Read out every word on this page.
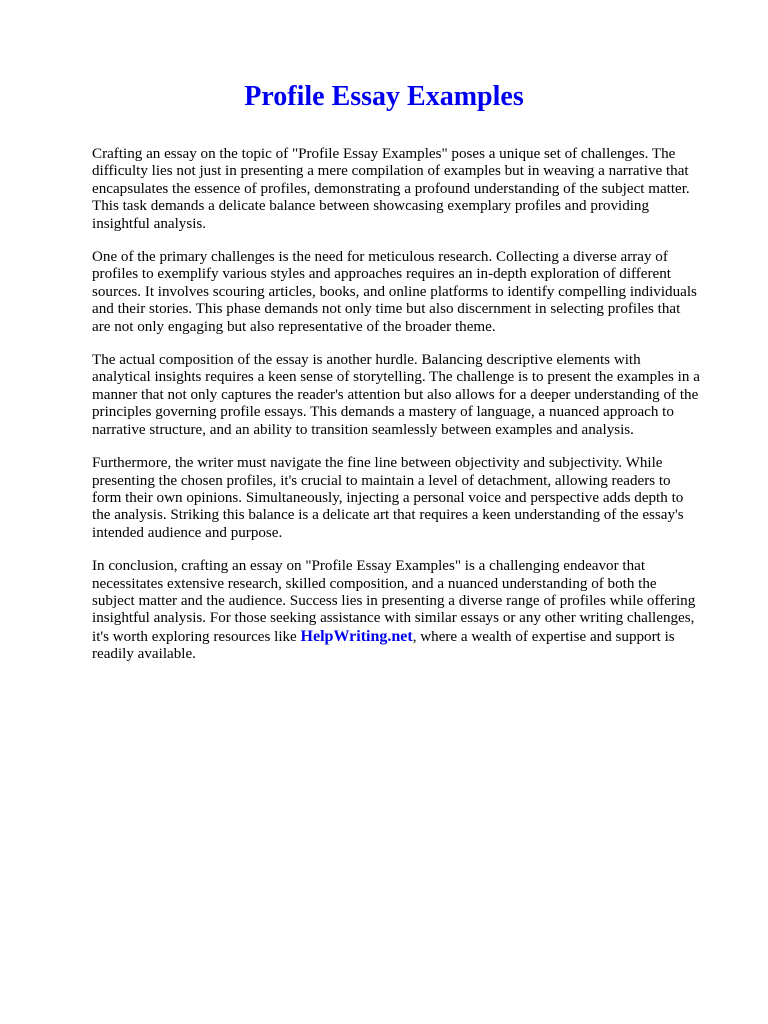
Profile Essay Examples

Crafting an essay on the topic of "Profile Essay Examples" poses a unique set of challenges. The difficulty lies not just in presenting a mere compilation of examples but in weaving a narrative that encapsulates the essence of profiles, demonstrating a profound understanding of the subject matter. This task demands a delicate balance between showcasing exemplary profiles and providing insightful analysis.

One of the primary challenges is the need for meticulous research. Collecting a diverse array of profiles to exemplify various styles and approaches requires an in-depth exploration of different sources. It involves scouring articles, books, and online platforms to identify compelling individuals and their stories. This phase demands not only time but also discernment in selecting profiles that are not only engaging but also representative of the broader theme.

The actual composition of the essay is another hurdle. Balancing descriptive elements with analytical insights requires a keen sense of storytelling. The challenge is to present the examples in a manner that not only captures the reader's attention but also allows for a deeper understanding of the principles governing profile essays. This demands a mastery of language, a nuanced approach to narrative structure, and an ability to transition seamlessly between examples and analysis.

Furthermore, the writer must navigate the fine line between objectivity and subjectivity. While presenting the chosen profiles, it's crucial to maintain a level of detachment, allowing readers to form their own opinions. Simultaneously, injecting a personal voice and perspective adds depth to the analysis. Striking this balance is a delicate art that requires a keen understanding of the essay's intended audience and purpose.

In conclusion, crafting an essay on "Profile Essay Examples" is a challenging endeavor that necessitates extensive research, skilled composition, and a nuanced understanding of both the subject matter and the audience. Success lies in presenting a diverse range of profiles while offering insightful analysis. For those seeking assistance with similar essays or any other writing challenges, it's worth exploring resources like HelpWriting.net, where a wealth of expertise and support is readily available.
